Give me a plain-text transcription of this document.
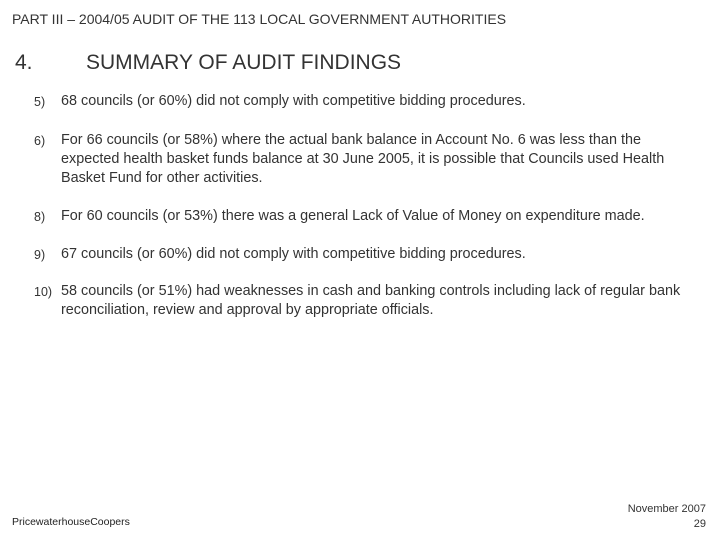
PART III – 2004/05 AUDIT OF THE 113 LOCAL GOVERNMENT AUTHORITIES
4.	SUMMARY OF AUDIT FINDINGS
5)	68 councils (or 60%) did not comply with competitive bidding procedures.
6)	For 66 councils (or 58%) where the actual bank balance in Account No. 6 was less than the expected health basket funds balance at 30 June 2005, it is possible that Councils used Health Basket Fund for other activities.
8)	For 60 councils (or 53%) there was a general Lack of Value of Money on expenditure made.
9)	67 councils (or 60%) did not comply with competitive bidding procedures.
10) 58 councils (or 51%) had weaknesses in cash and banking controls including lack of regular bank reconciliation, review and approval by appropriate officials.
PricewaterhouseCoopers
November 2007
29
